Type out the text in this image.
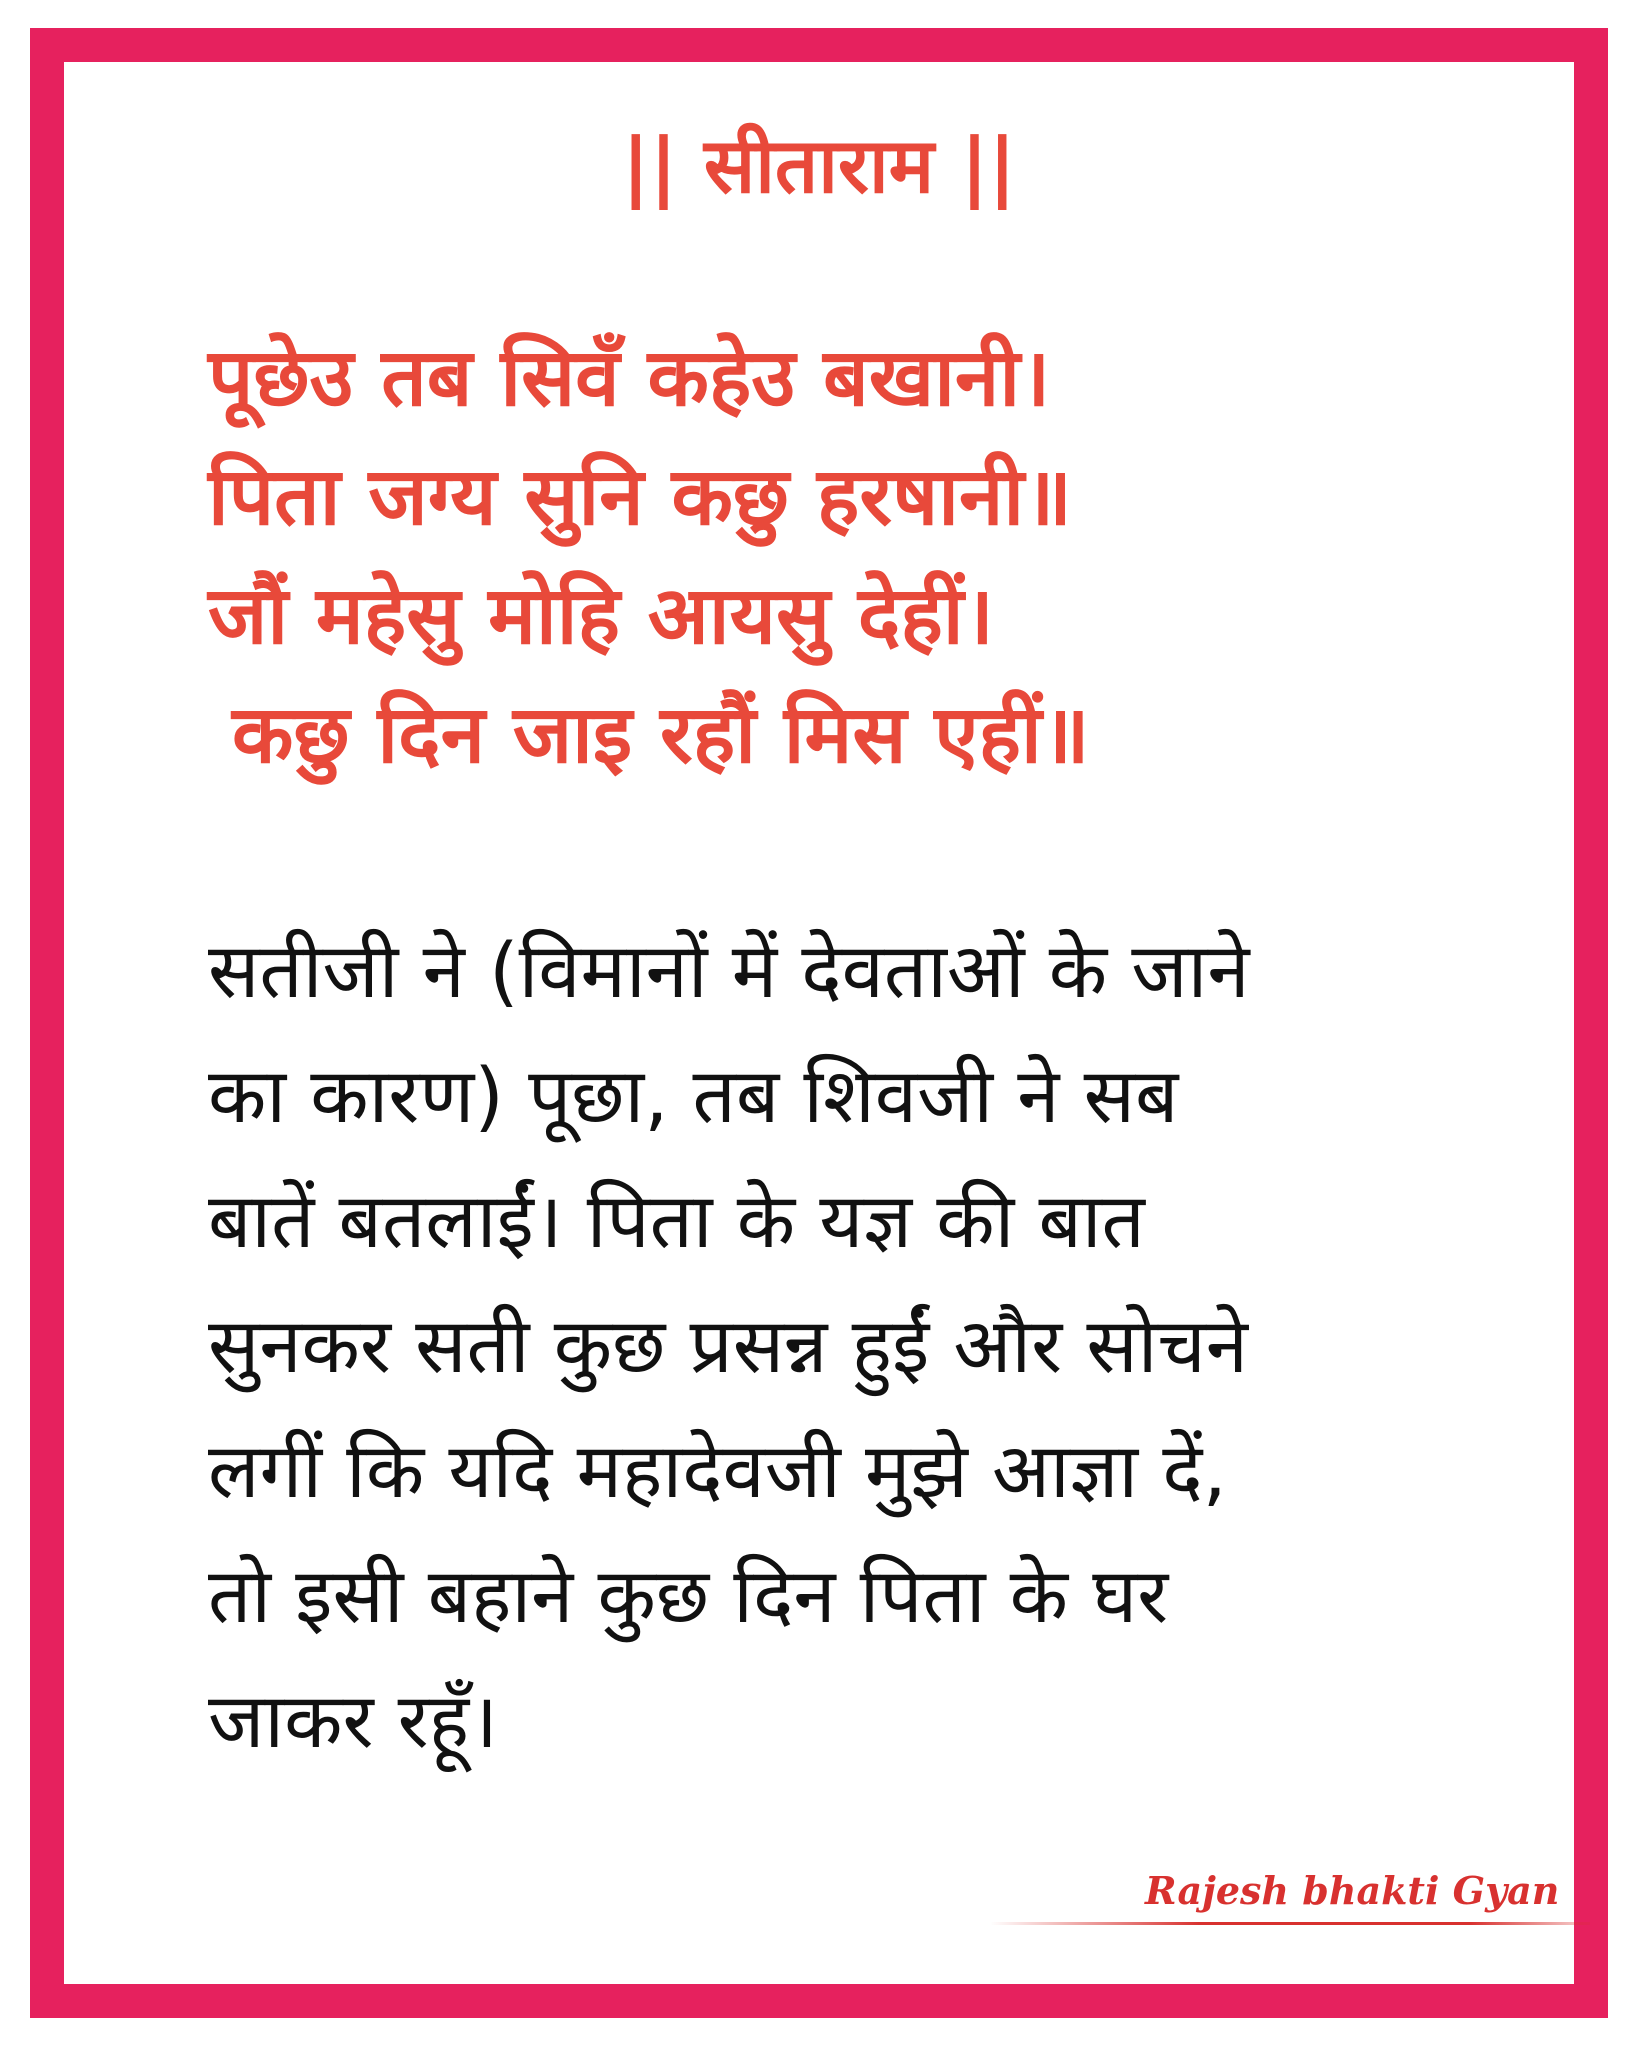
|| सीताराम ||
पूछेउ तब सिवँ कहेउ बखानी।
पिता जग्य सुनि कछु हरषानी॥
जौं महेसु मोहि आयसु देहीं।
कछु दिन जाइ रहौं मिस एहीं॥
सतीजी ने (विमानों में देवताओं के जाने
का कारण) पूछा, तब शिवजी ने सब
बातें बतलाईं। पिता के यज्ञ की बात
सुनकर सती कुछ प्रसन्न हुईं और सोचने
लगीं कि यदि महादेवजी मुझे आज्ञा दें,
तो इसी बहाने कुछ दिन पिता के घर
जाकर रहूँ।
Rajesh bhakti Gyan
